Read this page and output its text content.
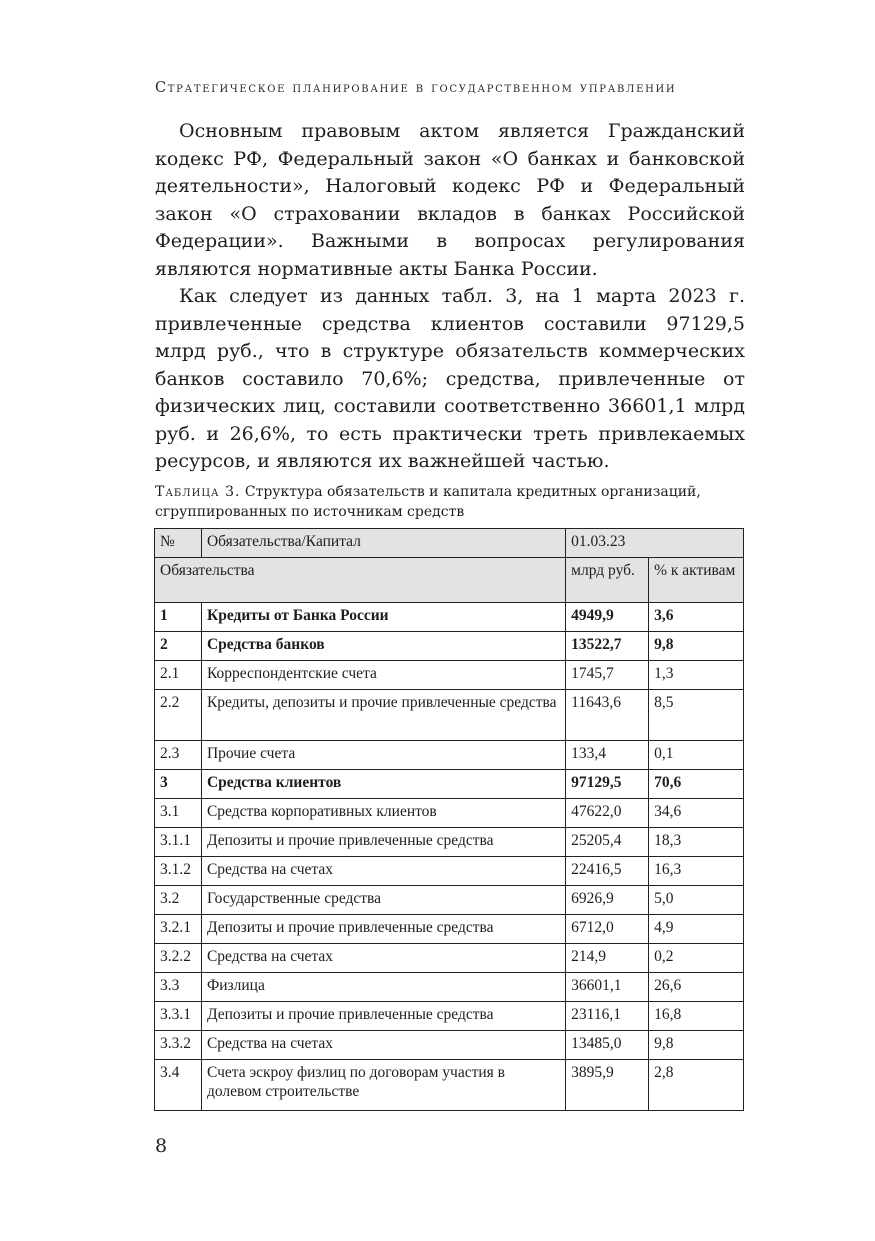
Стратегическое планирование в государственном управлении

Основным правовым актом является Гражданский кодекс РФ, Федеральный закон «О банках и банковской деятельности», Налоговый кодекс РФ и Федеральный закон «О страховании вкладов в банках Российской Федерации». Важными в вопросах регулирования являются нормативные акты Банка России.

Как следует из данных табл. 3, на 1 марта 2023 г. привлеченные средства клиентов составили 97129,5 млрд руб., что в структуре обязательств коммерческих банков составило 70,6%; средства, привлеченные от физических лиц, составили соответственно 36601,1 млрд руб. и 26,6%, то есть практически треть привлекаемых ресурсов, и являются их важнейшей частью.

Таблица 3. Структура обязательств и капитала кредитных организаций, сгруппированных по источникам средств
№	Обязательства/Капитал	01.03.23	
Обязательства		млрд руб.	% к активам
1	Кредиты от Банка России	4949,9	3,6
2	Средства банков	13522,7	9,8
2.1	Корреспондентские счета	1745,7	1,3
2.2	Кредиты, депозиты и прочие привлеченные средства	11643,6	8,5
2.3	Прочие счета	133,4	0,1
3	Средства клиентов	97129,5	70,6
3.1	Средства корпоративных клиентов	47622,0	34,6
3.1.1	Депозиты и прочие привлеченные средства	25205,4	18,3
3.1.2	Средства на счетах	22416,5	16,3
3.2	Государственные средства	6926,9	5,0
3.2.1	Депозиты и прочие привлеченные средства	6712,0	4,9
3.2.2	Средства на счетах	214,9	0,2
3.3	Физлица	36601,1	26,6
3.3.1	Депозиты и прочие привлеченные средства	23116,1	16,8
3.3.2	Средства на счетах	13485,0	9,8
3.4	Счета эскроу физлиц по договорам участия в долевом строительстве	3895,9	2,8
8
